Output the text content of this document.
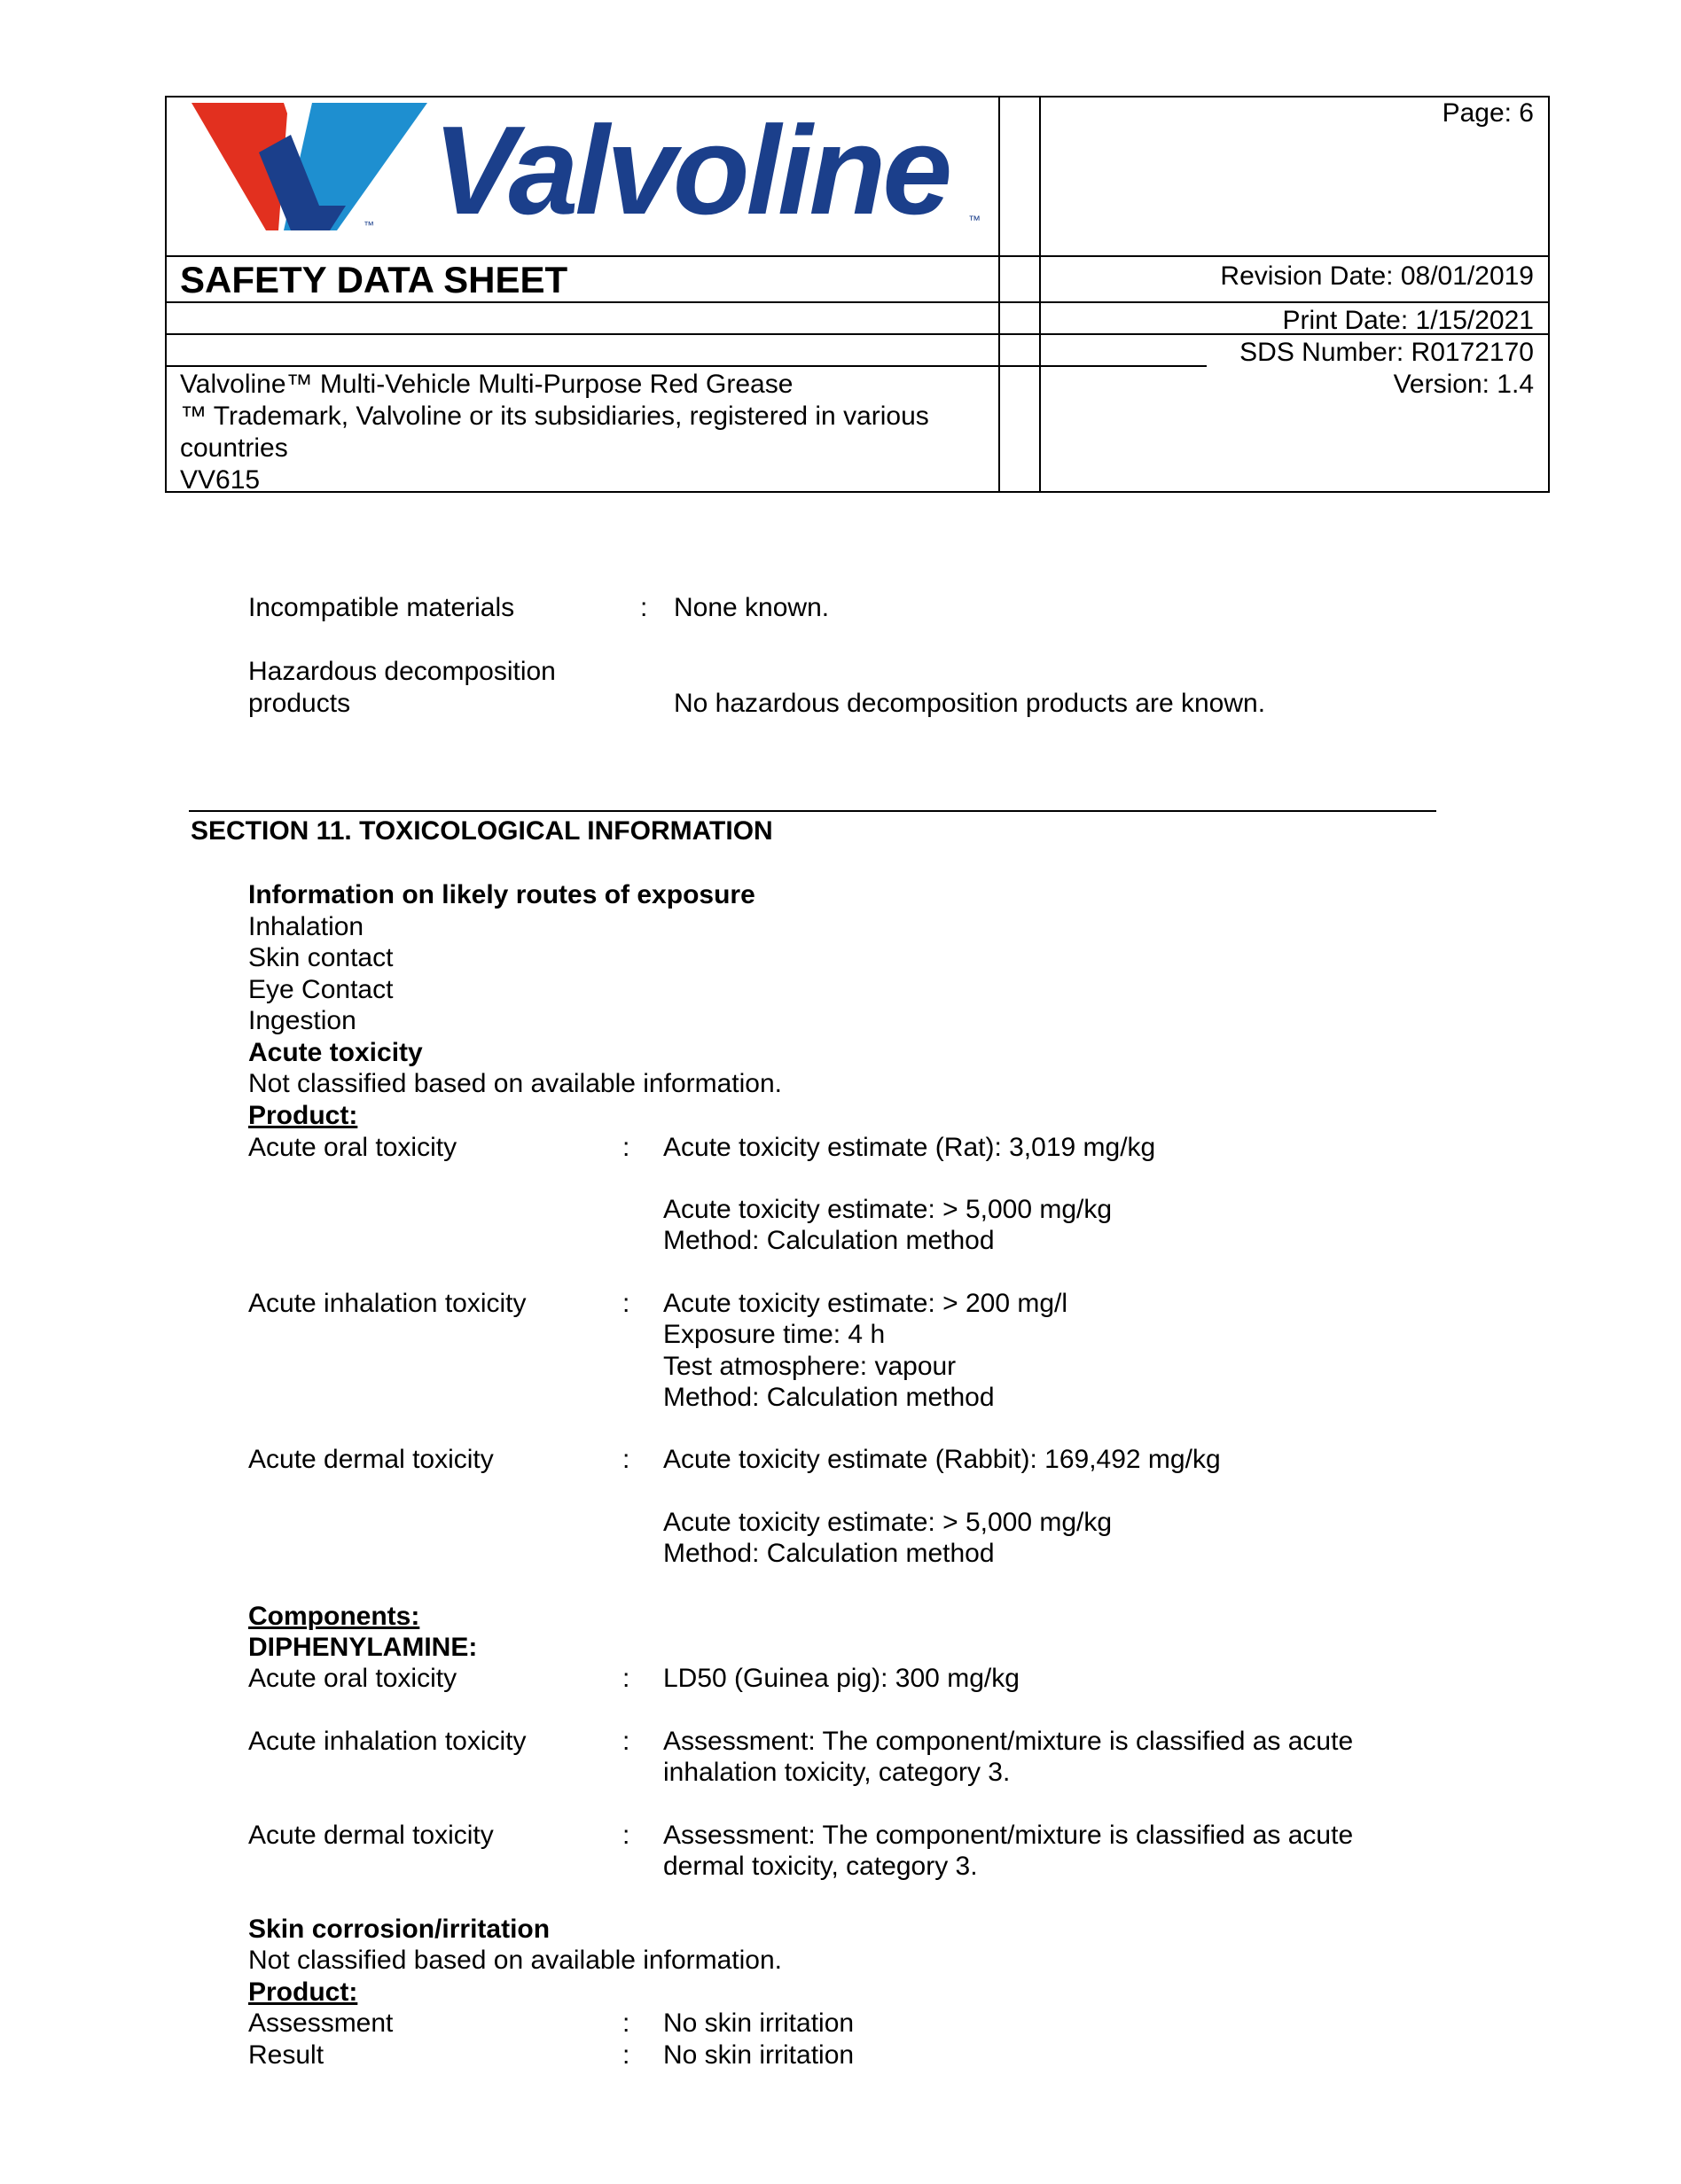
™ Valvoline ™
Page: 6
SAFETY DATA SHEET	Revision Date: 08/01/2019
Print Date: 1/15/2021
SDS Number: R0172170
Valvoline™ Multi-Vehicle Multi-Purpose Red Grease
™ Trademark, Valvoline or its subsidiaries, registered in various
countries
VV615
Version: 1.4
Incompatible materials	: None known.
Hazardous decomposition
products	No hazardous decomposition products are known.
SECTION 11. TOXICOLOGICAL INFORMATION
Information on likely routes of exposure
Inhalation
Skin contact
Eye Contact
Ingestion
Acute toxicity
Not classified based on available information.
Product:
Acute oral toxicity	: Acute toxicity estimate (Rat): 3,019 mg/kg
Acute toxicity estimate: > 5,000 mg/kg
Method: Calculation method
Acute inhalation toxicity	: Acute toxicity estimate: > 200 mg/l
Exposure time: 4 h
Test atmosphere: vapour
Method: Calculation method
Acute dermal toxicity	: Acute toxicity estimate (Rabbit): 169,492 mg/kg
Acute toxicity estimate: > 5,000 mg/kg
Method: Calculation method
Components:
DIPHENYLAMINE:
Acute oral toxicity	: LD50 (Guinea pig): 300 mg/kg
Acute inhalation toxicity	: Assessment: The component/mixture is classified as acute
inhalation toxicity, category 3.
Acute dermal toxicity	: Assessment: The component/mixture is classified as acute
dermal toxicity, category 3.
Skin corrosion/irritation
Not classified based on available information.
Product:
Assessment	: No skin irritation
Result	: No skin irritation
